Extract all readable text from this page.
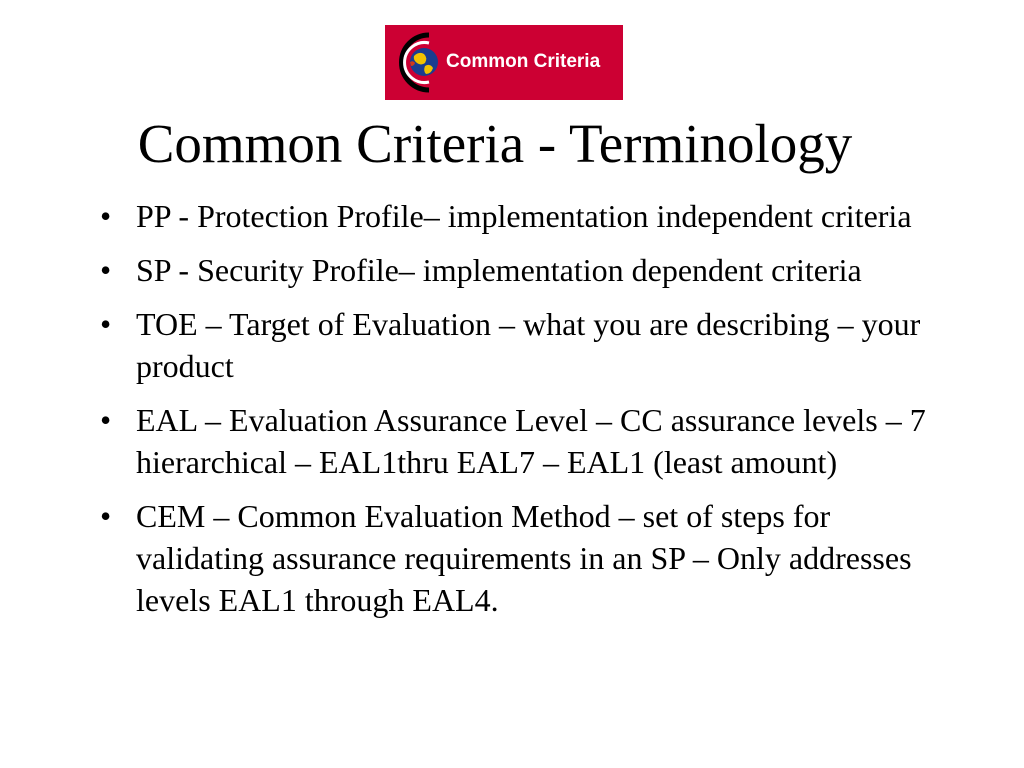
Common Criteria
Common Criteria - Terminology
• PP - Protection Profile– implementation independent criteria
• SP - Security Profile– implementation dependent criteria
• TOE – Target of Evaluation – what you are describing – your product
• EAL – Evaluation Assurance Level – CC assurance levels – 7 hierarchical – EAL1thru EAL7 – EAL1 (least amount)
• CEM – Common Evaluation Method – set of steps for validating assurance requirements in an SP – Only addresses levels EAL1 through EAL4.
